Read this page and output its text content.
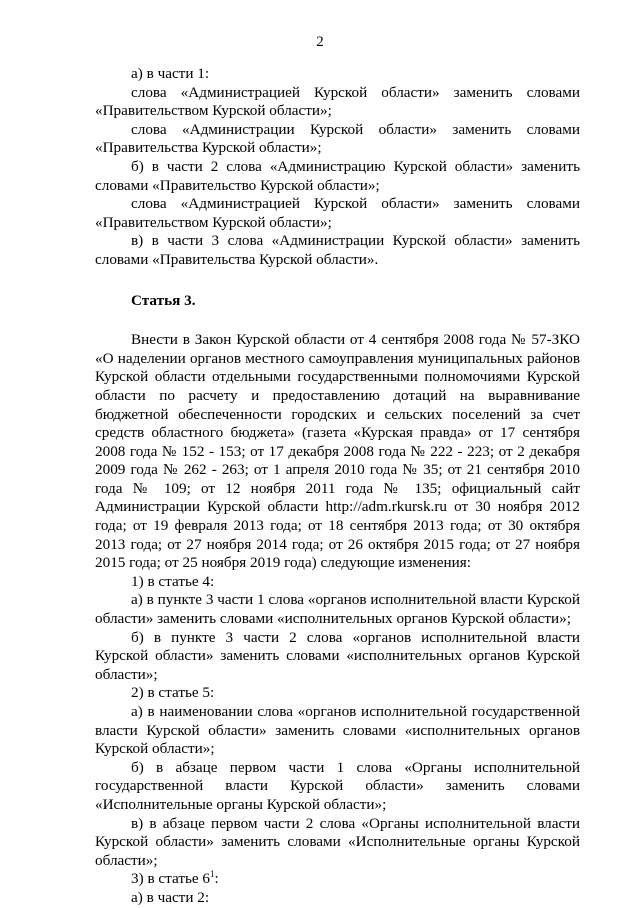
2

а) в части 1:

слова «Администрацией Курской области» заменить словами «Правительством Курской области»;

слова «Администрации Курской области» заменить словами «Правительства Курской области»;

б) в части 2 слова «Администрацию Курской области» заменить словами «Правительство Курской области»;

слова «Администрацией Курской области» заменить словами «Правительством Курской области»;

в) в части 3 слова «Администрации Курской области» заменить словами «Правительства Курской области».

Статья 3.

Внести в Закон Курской области от 4 сентября 2008 года № 57-ЗКО «О наделении органов местного самоуправления муниципальных районов Курской области отдельными государственными полномочиями Курской области по расчету и предоставлению дотаций на выравнивание бюджетной обеспеченности городских и сельских поселений за счет средств областного бюджета» (газета «Курская правда» от 17 сентября 2008 года № 152 - 153; от 17 декабря 2008 года № 222 - 223; от 2 декабря 2009 года № 262 - 263; от 1 апреля 2010 года № 35; от 21 сентября 2010 года № 109; от 12 ноября 2011 года № 135; официальный сайт Администрации Курской области http://adm.rkursk.ru от 30 ноября 2012 года; от 19 февраля 2013 года; от 18 сентября 2013 года; от 30 октября 2013 года; от 27 ноября 2014 года; от 26 октября 2015 года; от 27 ноября 2015 года; от 25 ноября 2019 года) следующие изменения:

1) в статье 4:

а) в пункте 3 части 1 слова «органов исполнительной власти Курской области» заменить словами «исполнительных органов Курской области»;

б) в пункте 3 части 2 слова «органов исполнительной власти Курской области» заменить словами «исполнительных органов Курской области»;

2) в статье 5:

а) в наименовании слова «органов исполнительной государственной власти Курской области» заменить словами «исполнительных органов Курской области»;

б) в абзаце первом части 1 слова «Органы исполнительной государственной власти Курской области» заменить словами «Исполнительные органы Курской области»;

в) в абзаце первом части 2 слова «Органы исполнительной власти Курской области» заменить словами «Исполнительные органы Курской области»;

3) в статье $6^1$:

а) в части 2:
